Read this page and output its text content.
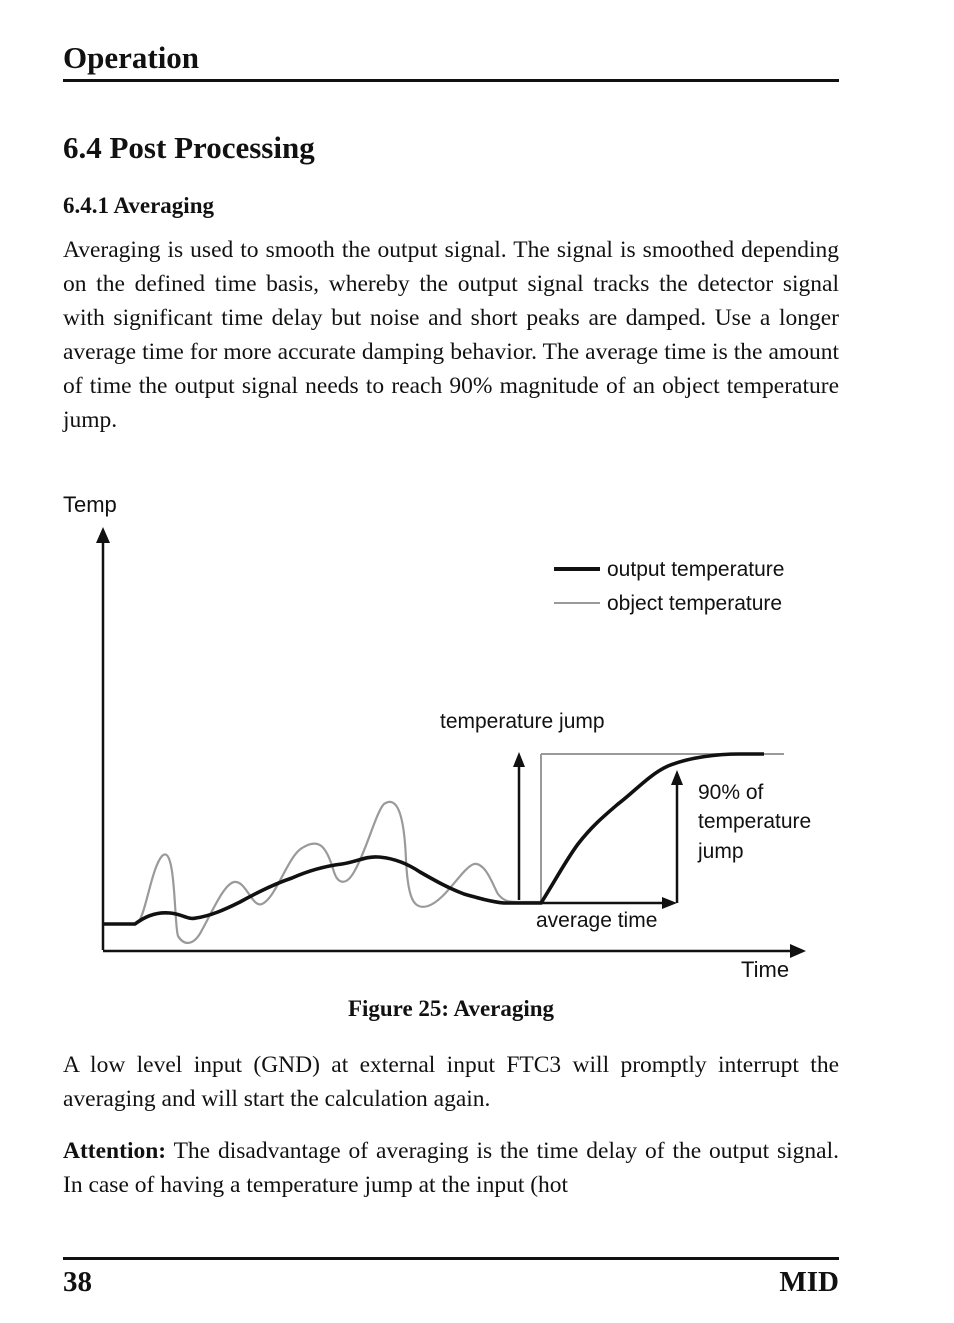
Operation
6.4 Post Processing
6.4.1 Averaging

Averaging is used to smooth the output signal. The signal is smoothed depending on the defined time basis, whereby the output signal tracks the detector signal with significant time delay but noise and short peaks are damped. Use a longer average time for more accurate damping behavior. The average time is the amount of time the output signal needs to reach 90% magnitude of an object temperature jump.

Temp
Time
output temperature
object temperature
temperature jump
90% of
temperature
jump
average time
Figure 25: Averaging

A low level input (GND) at external input FTC3 will promptly interrupt the averaging and will start the calculation again.

Attention: The disadvantage of averaging is the time delay of the output signal. In case of having a temperature jump at the input (hot

38	MID
